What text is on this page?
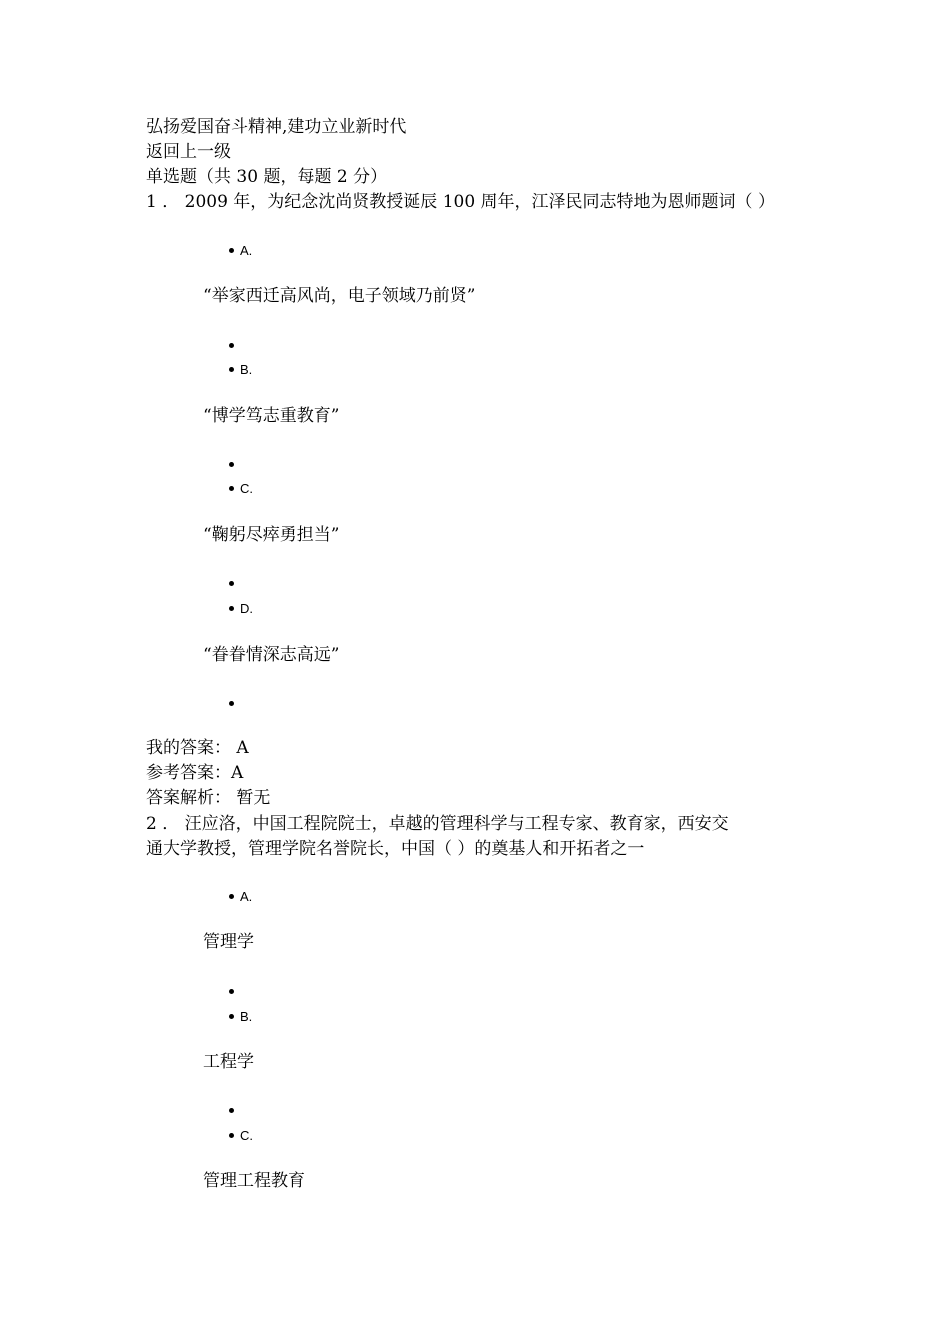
弘扬爱国奋斗精神,建功立业新时代
返回上一级
单选题（共 30 题，每题 2 分）
1 ． 2009 年，为纪念沈尚贤教授诞辰 100 周年，江泽民同志特地为恩师题词（ ）
A.
“举家西迁高风尚，电子领域乃前贤”
B.
“博学笃志重教育”
C.
“鞠躬尽瘁勇担当”
D.
“眷眷情深志高远”
我的答案： A
参考答案：A
答案解析： 暂无
2 ． 汪应洛，中国工程院院士，卓越的管理科学与工程专家、教育家，西安交
通大学教授，管理学院名誉院长，中国（ ）的奠基人和开拓者之一
A.
管理学
B.
工程学
C.
管理工程教育
